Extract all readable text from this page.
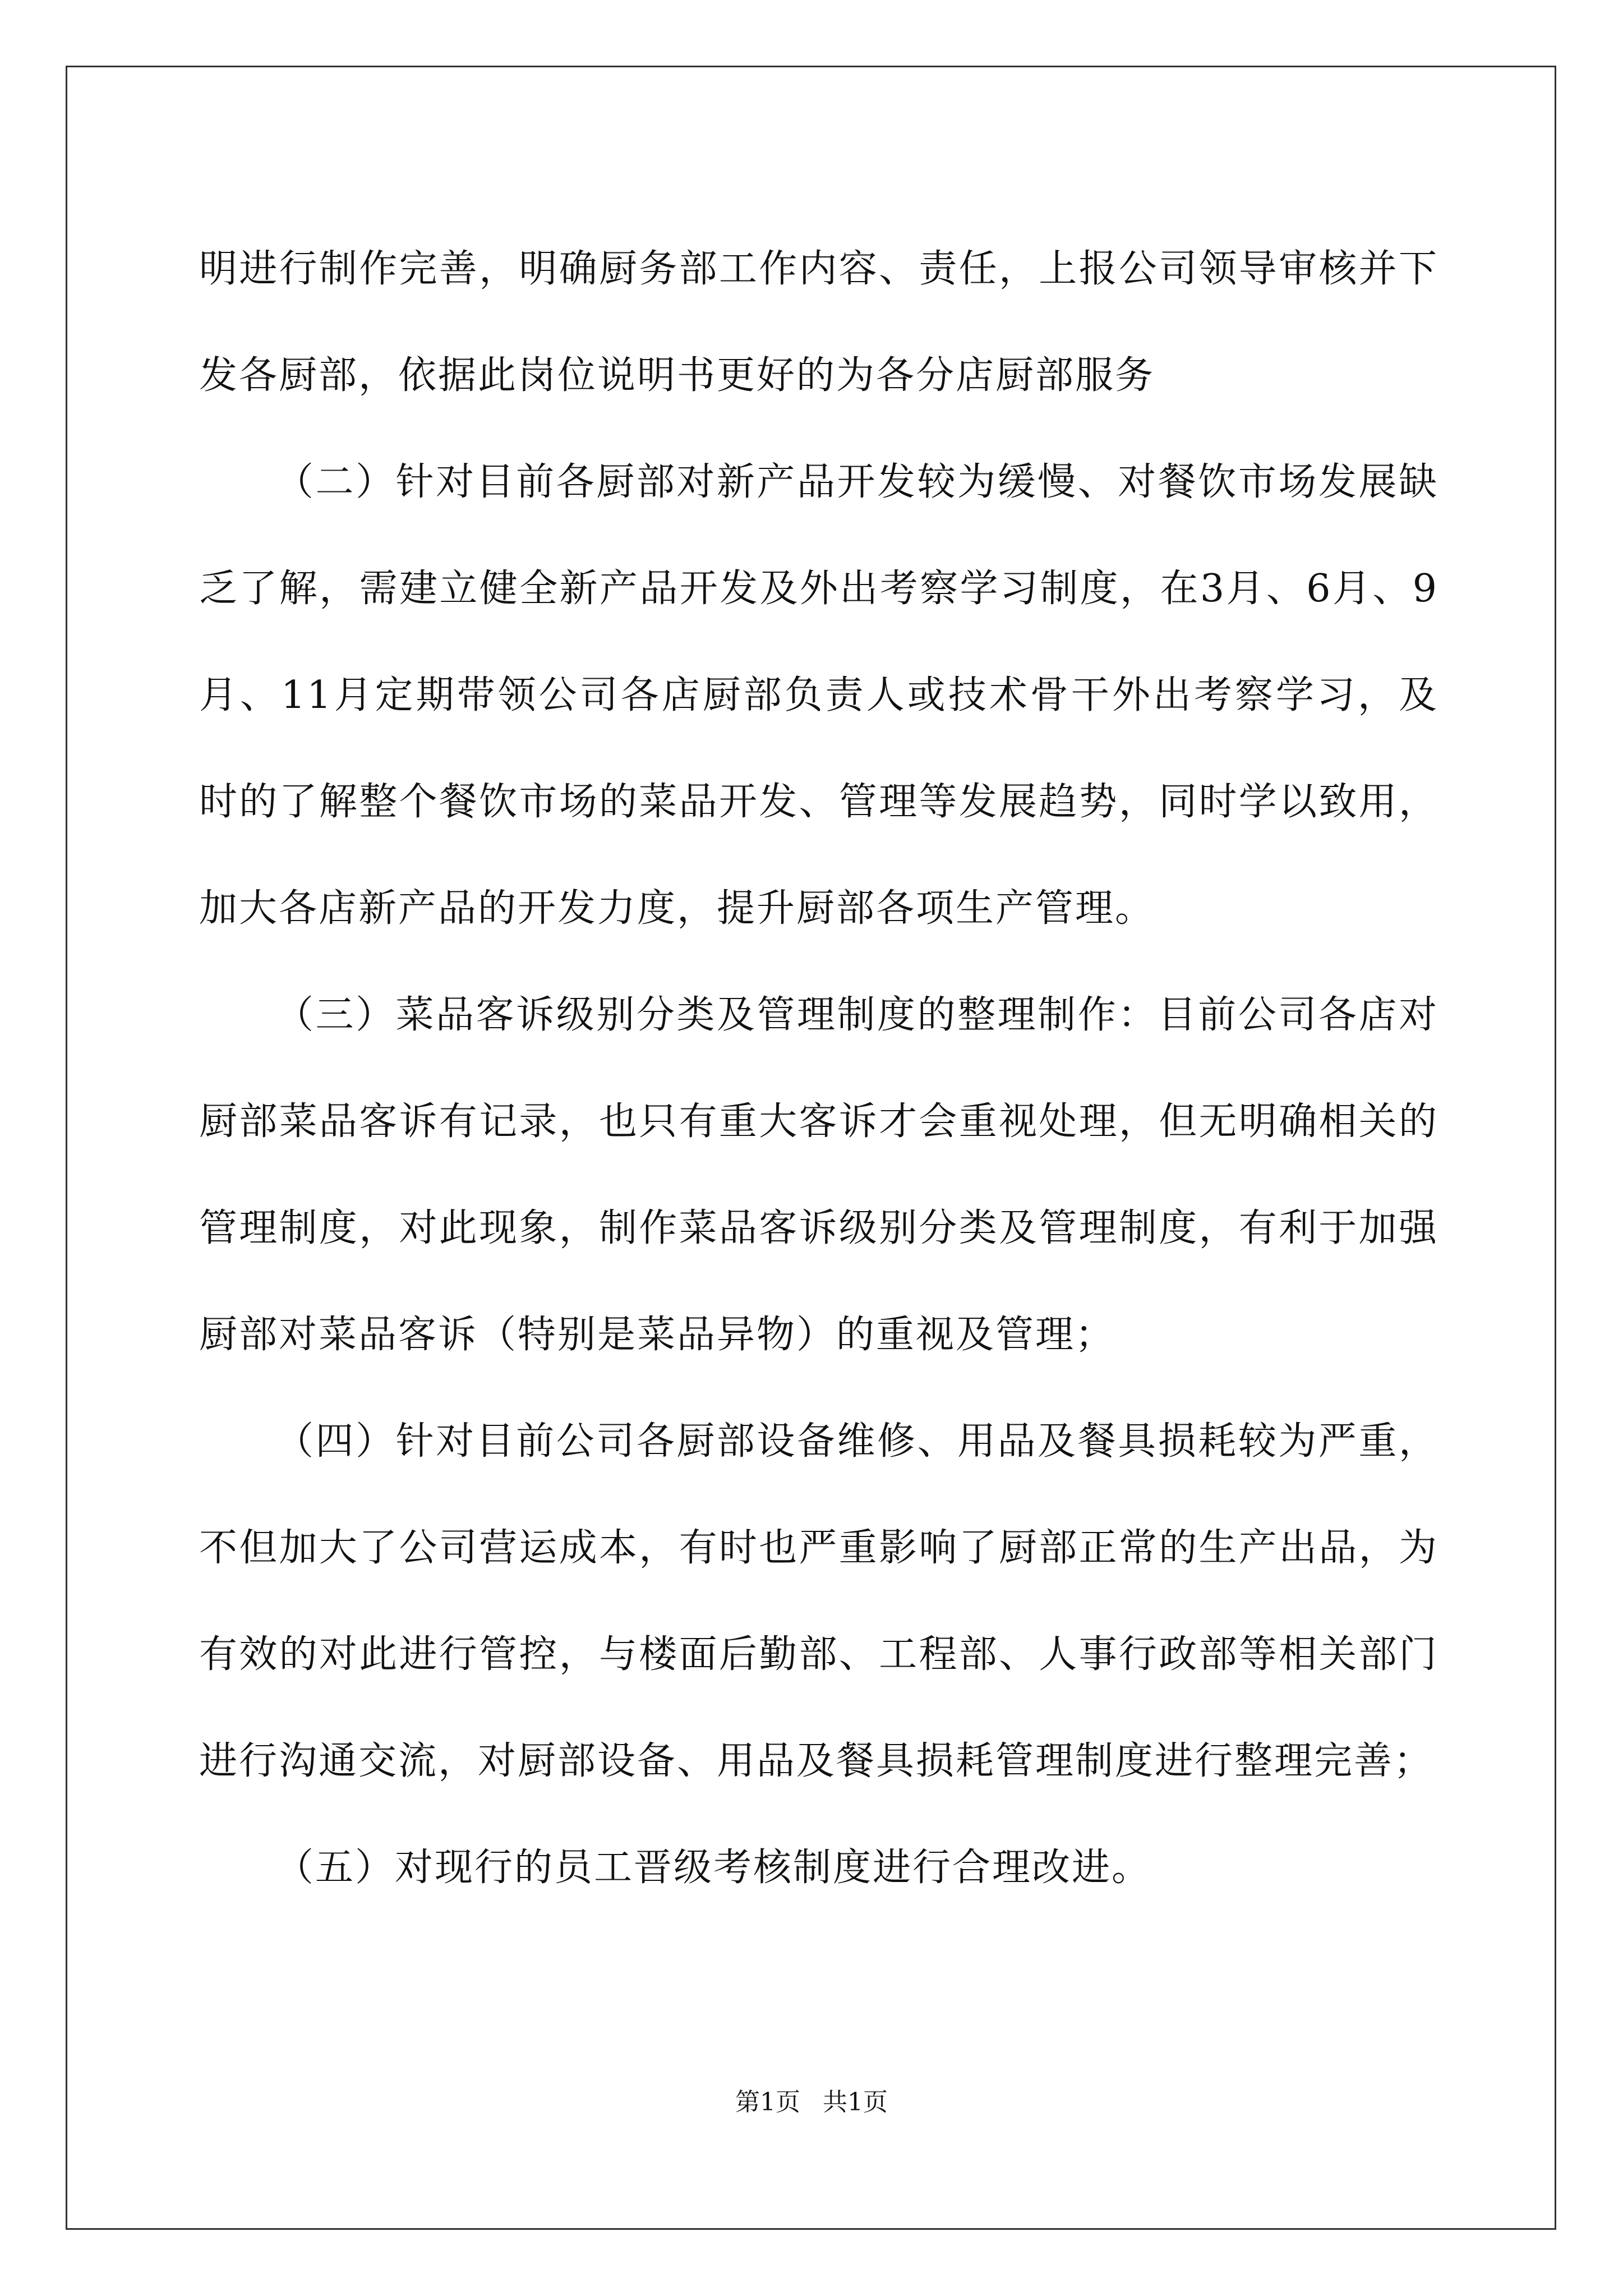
明进行制作完善，明确厨务部工作内容、责任，上报公司领导审核并下发各厨部，依据此岗位说明书更好的为各分店厨部服务

（二）针对目前各厨部对新产品开发较为缓慢、对餐饮市场发展缺乏了解，需建立健全新产品开发及外出考察学习制度，在3月、6月、9月、11月定期带领公司各店厨部负责人或技术骨干外出考察学习，及时的了解整个餐饮市场的菜品开发、管理等发展趋势，同时学以致用，加大各店新产品的开发力度，提升厨部各项生产管理。

（三）菜品客诉级别分类及管理制度的整理制作：目前公司各店对厨部菜品客诉有记录，也只有重大客诉才会重视处理，但无明确相关的管理制度，对此现象，制作菜品客诉级别分类及管理制度，有利于加强厨部对菜品客诉（特别是菜品异物）的重视及管理；

（四）针对目前公司各厨部设备维修、用品及餐具损耗较为严重，不但加大了公司营运成本，有时也严重影响了厨部正常的生产出品，为有效的对此进行管控，与楼面后勤部、工程部、人事行政部等相关部门进行沟通交流，对厨部设备、用品及餐具损耗管理制度进行整理完善；

（五）对现行的员工晋级考核制度进行合理改进。

第1页 共1页
